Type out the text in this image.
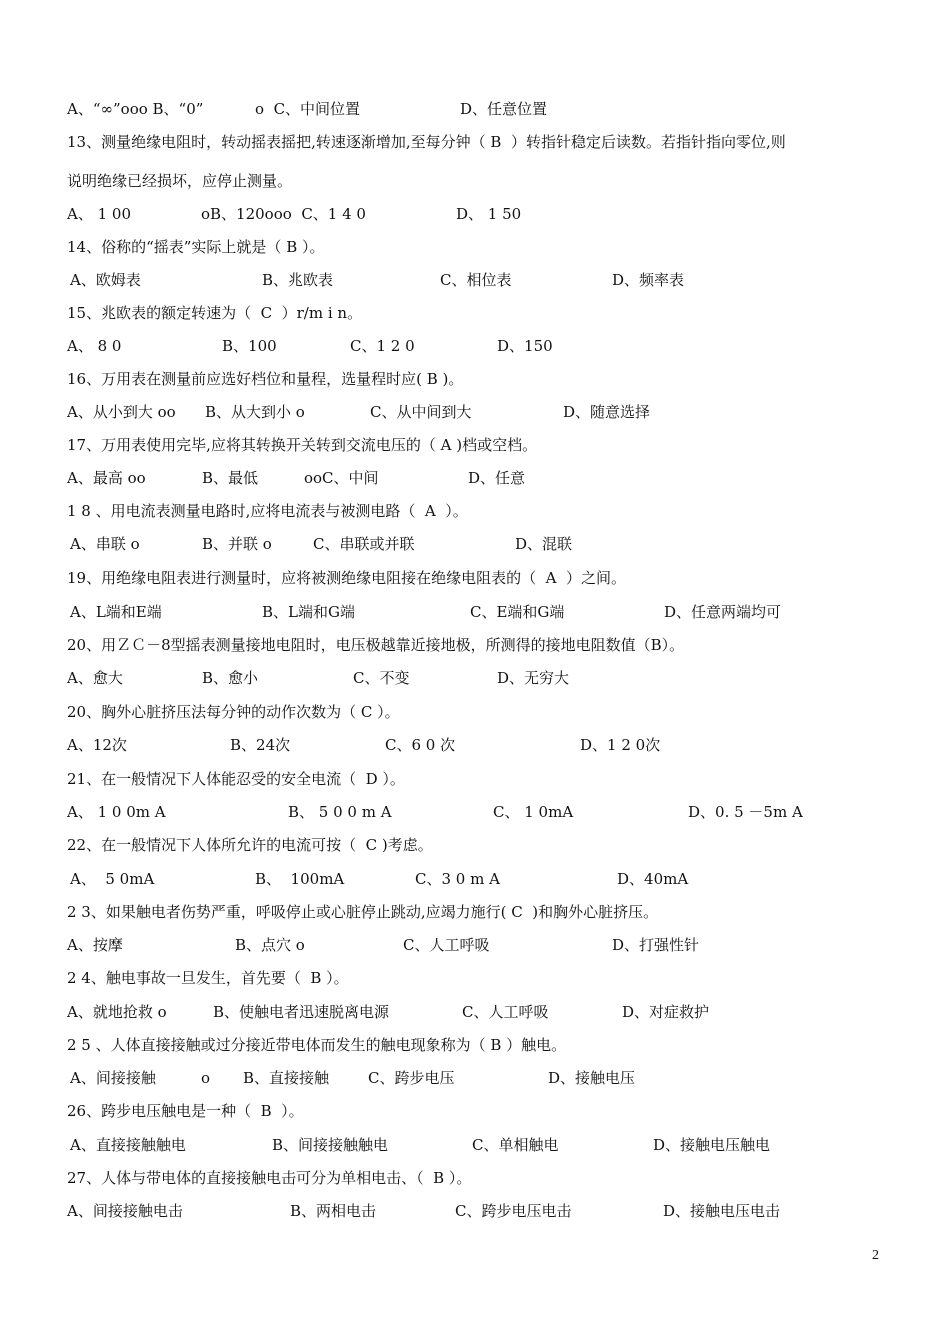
A、“∞”ooo B、“0”	o  C、中间位置	D、任意位置
13、测量绝缘电阻时，转动摇表摇把,转速逐渐增加,至每分钟（ B  ）转指针稳定后读数。若指针指向零位,则
说明绝缘已经损坏，应停止测量。
A、 1 00	oB、120ooo  C、1 4 0	D、 1 50
14、俗称的“摇表”实际上就是（ B ）。
A、欧姆表	B、兆欧表	C、相位表	D、频率表
15、兆欧表的额定转速为（  C  ）r/m i n。
A、 8 0	B、100	C、1 2 0	D、150
16、万用表在测量前应选好档位和量程，选量程时应( B )。
A、从小到大 oo B、从大到小 o	C、从中间到大	D、随意选择
17、万用表使用完毕,应将其转换开关转到交流电压的（ A )档或空档。
A、最高 oo	B、最低	ooC、中间	D、任意
1 8 、用电流表测量电路时,应将电流表与被测电路（  A  ）。
A、串联 o	B、并联 o	C、串联或并联	D、混联
19、用绝缘电阻表进行测量时，应将被测绝缘电阻接在绝缘电阻表的（  A  ）之间。
A、L端和E端	B、L端和G端	C、E端和G端	D、任意两端均可
20、用ＺＣ－8型摇表测量接地电阻时，电压极越靠近接地极，所测得的接地电阻数值（B）。
A、愈大	B、愈小	C、不变	D、无穷大
20、胸外心脏挤压法每分钟的动作次数为（ C ）。
A、12次	B、24次	C、6 0 次	D、1 2 0次
21、在一般情况下人体能忍受的安全电流（  D ）。
A、 1 0 0m A	B、 5 0 0 m A	C、 1 0mA	D、0. 5 －5m A
22、在一般情况下人体所允许的电流可按（  C )考虑。
A、  5 0mA	B、  100mA	C、3 0 m A	D、40mA
2 3、如果触电者伤势严重，呼吸停止或心脏停止跳动,应竭力施行( C  )和胸外心脏挤压。
A、按摩	B、点穴 o	C、人工呼吸	D、打强性针
2 4、触电事故一旦发生，首先要（  B ）。
A、就地抢救 o	B、使触电者迅速脱离电源	C、人工呼吸	D、对症救护
2 5 、人体直接接触或过分接近带电体而发生的触电现象称为（ B ）触电。
A、间接接触	o B、直接接触	C、跨步电压	D、接触电压
26、跨步电压触电是一种（  B  ）。
A、直接接触触电	B、间接接触触电	C、单相触电	D、接触电压触电
27、人体与带电体的直接接触电击可分为单相电击、（  B ）。
A、间接接触电击	B、两相电击	C、跨步电压电击	D、接触电压电击
2
